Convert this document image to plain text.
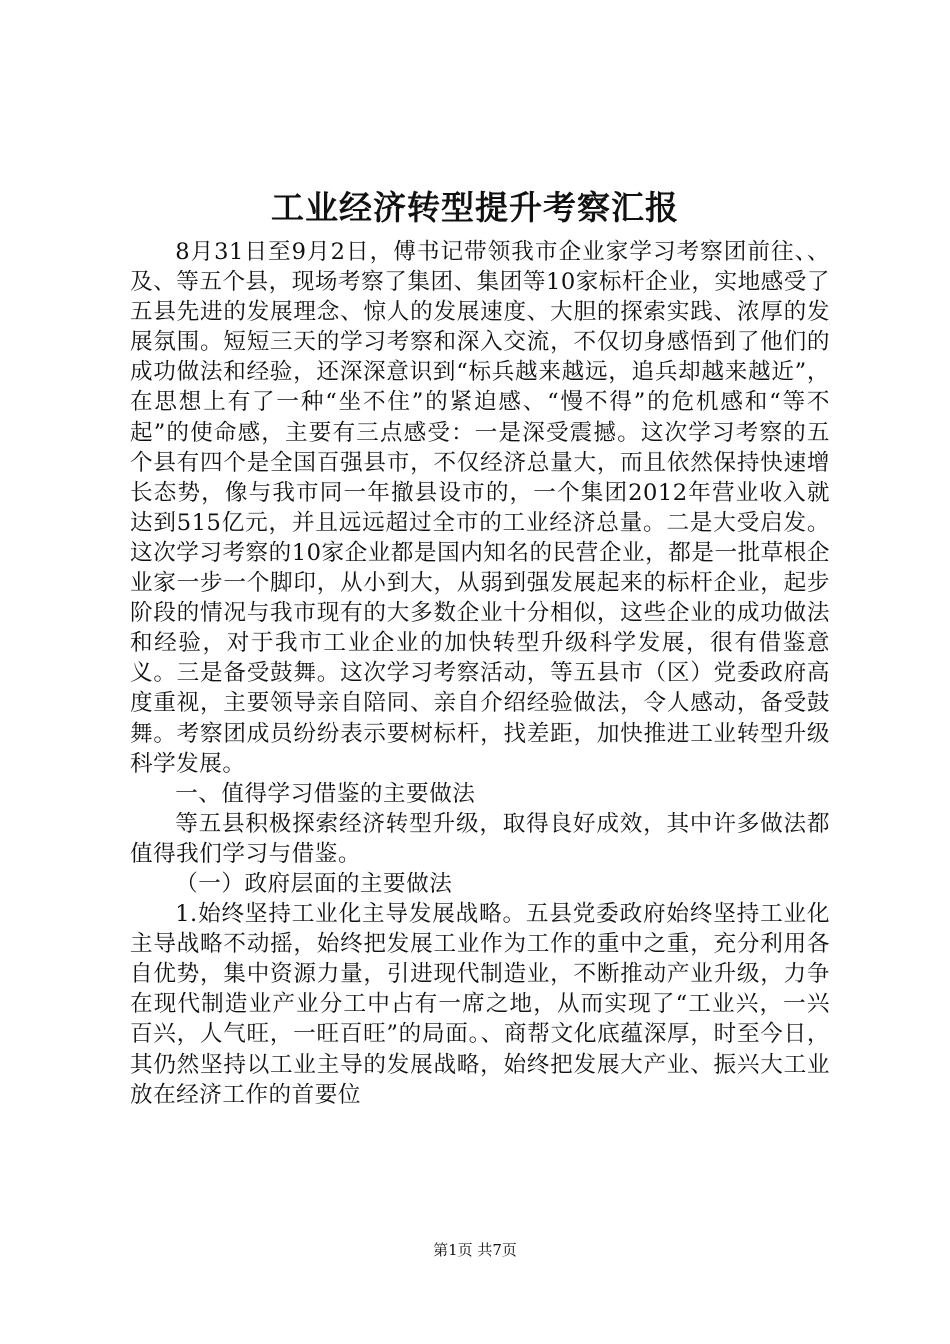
工业经济转型提升考察汇报

8月31日至9月2日，傅书记带领我市企业家学习考察团前往、、及、等五个县，现场考察了集团、集团等10家标杆企业，实地感受了五县先进的发展理念、惊人的发展速度、大胆的探索实践、浓厚的发展氛围。短短三天的学习考察和深入交流，不仅切身感悟到了他们的成功做法和经验，还深深意识到“标兵越来越远，追兵却越来越近”，在思想上有了一种“坐不住”的紧迫感、“慢不得”的危机感和“等不起”的使命感，主要有三点感受：一是深受震撼。这次学习考察的五个县有四个是全国百强县市，不仅经济总量大，而且依然保持快速增长态势，像与我市同一年撤县设市的，一个集团2012年营业收入就达到515亿元，并且远远超过全市的工业经济总量。二是大受启发。这次学习考察的10家企业都是国内知名的民营企业，都是一批草根企业家一步一个脚印，从小到大，从弱到强发展起来的标杆企业，起步阶段的情况与我市现有的大多数企业十分相似，这些企业的成功做法和经验，对于我市工业企业的加快转型升级科学发展，很有借鉴意义。三是备受鼓舞。这次学习考察活动，等五县市（区）党委政府高度重视，主要领导亲自陪同、亲自介绍经验做法，令人感动，备受鼓舞。考察团成员纷纷表示要树标杆，找差距，加快推进工业转型升级科学发展。

一、值得学习借鉴的主要做法

等五县积极探索经济转型升级，取得良好成效，其中许多做法都值得我们学习与借鉴。

（一）政府层面的主要做法

1.始终坚持工业化主导发展战略。五县党委政府始终坚持工业化主导战略不动摇，始终把发展工业作为工作的重中之重，充分利用各自优势，集中资源力量，引进现代制造业，不断推动产业升级，力争在现代制造业产业分工中占有一席之地，从而实现了“工业兴，一兴百兴，人气旺，一旺百旺”的局面。、商帮文化底蕴深厚，时至今日，其仍然坚持以工业主导的发展战略，始终把发展大产业、振兴大工业放在经济工作的首要位

第1页 共7页
